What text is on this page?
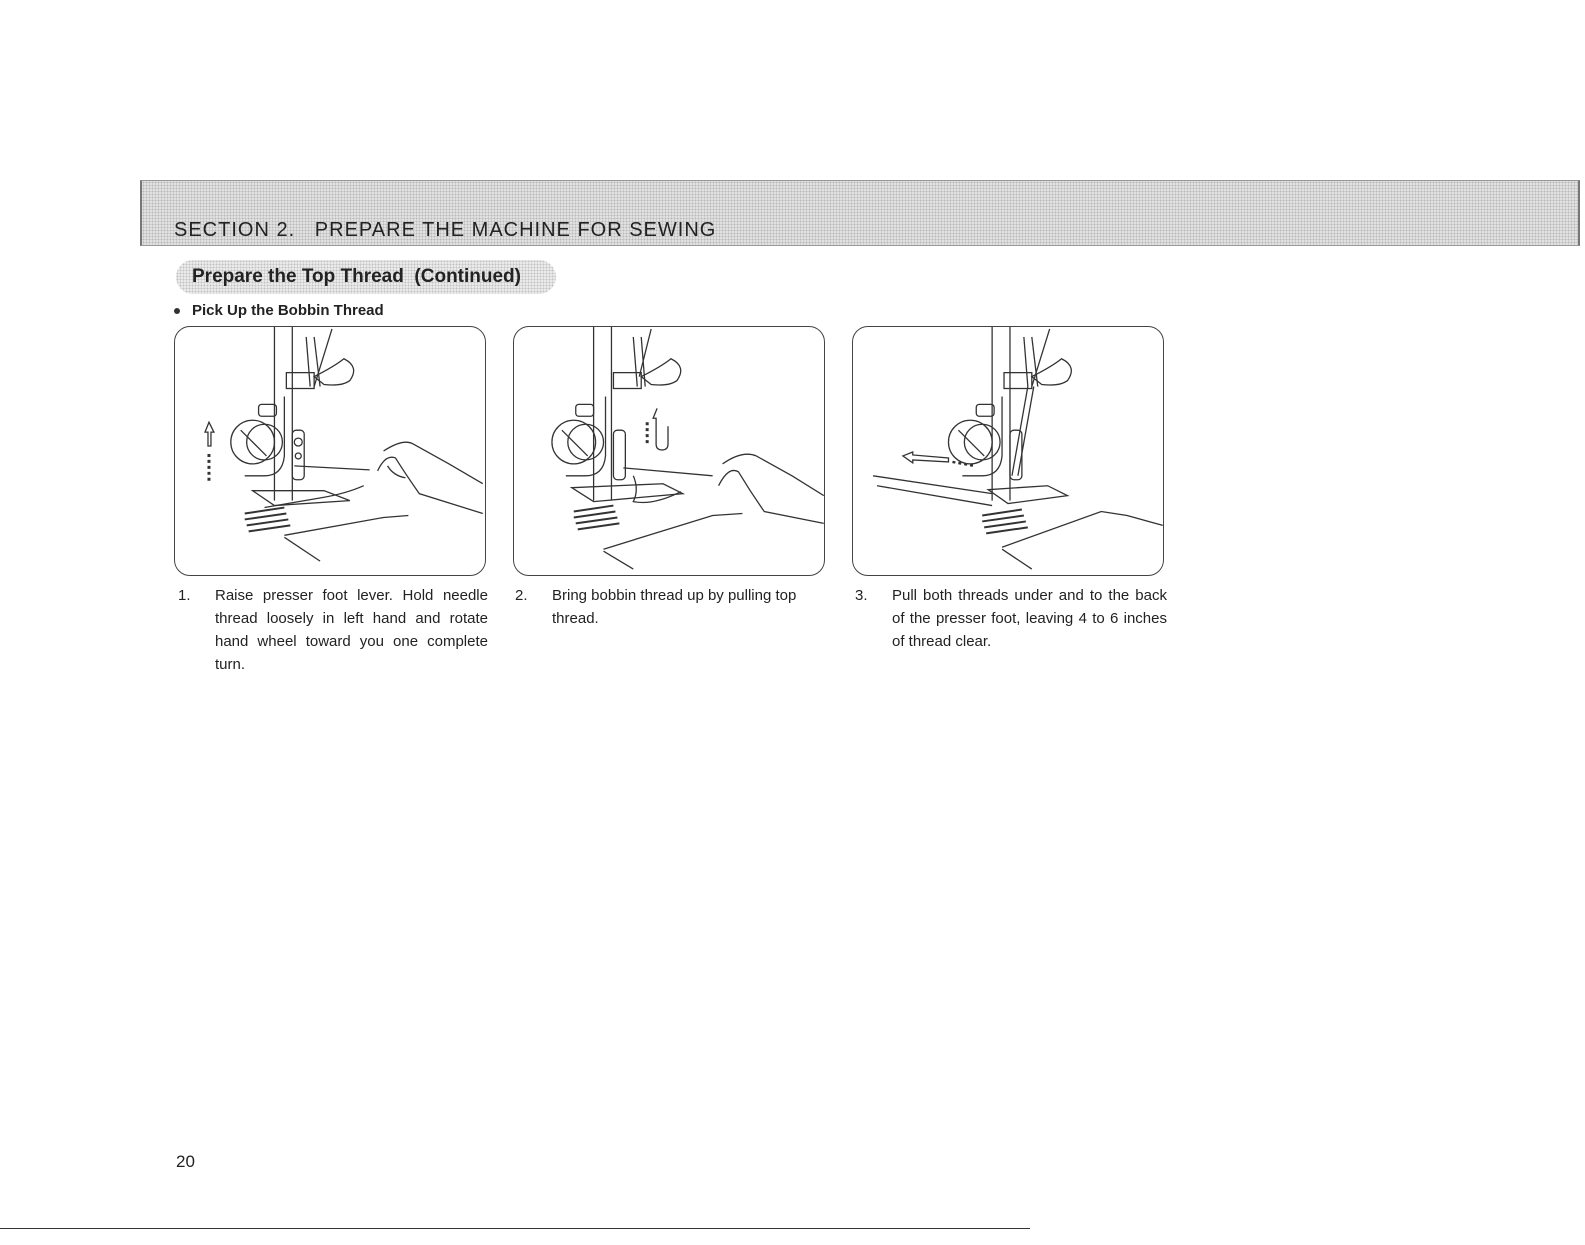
SECTION 2.   PREPARE THE MACHINE FOR SEWING
Prepare the Top Thread  (Continued)
Pick Up the Bobbin Thread
1. Raise presser foot lever. Hold needle thread loosely in left hand and rotate hand wheel toward you one complete turn.
2. Bring bobbin thread up by pulling top thread.
3. Pull both threads under and to the back of the presser foot, leaving 4 to 6 inches of thread clear.
20
